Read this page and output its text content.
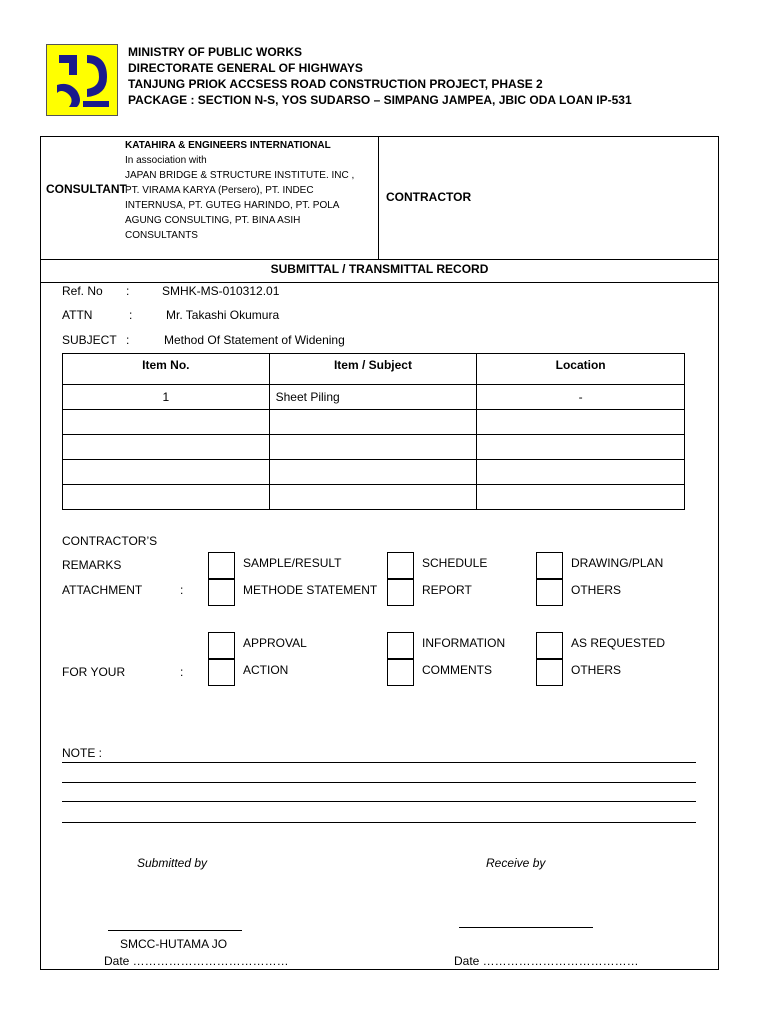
MINISTRY OF PUBLIC WORKS
DIRECTORATE GENERAL OF HIGHWAYS
TANJUNG PRIOK ACCSESS ROAD CONSTRUCTION PROJECT, PHASE 2
PACKAGE : SECTION N-S, YOS SUDARSO – SIMPANG JAMPEA, JBIC ODA LOAN IP-531
KATAHIRA & ENGINEERS INTERNATIONAL
In association with
JAPAN BRIDGE & STRUCTURE INSTITUTE. INC ,
CONSULTANT
PT. VIRAMA KARYA (Persero), PT. INDEC
INTERNUSA, PT. GUTEG HARINDO, PT. POLA
AGUNG CONSULTING, PT. BINA ASIH
CONSULTANTS
CONTRACTOR
SUBMITTAL / TRANSMITTAL RECORD
Ref. No :	SMHK-MS-010312.01
ATTN	:	Mr. Takashi Okumura
SUBJECT :	Method Of Statement of Widening
Item No.	Item / Subject	Location
1	Sheet Piling	-

CONTRACTOR’S
REMARKS
ATTACHMENT	:
SAMPLE/RESULT	SCHEDULE	DRAWING/PLAN
METHODE STATEMENT	REPORT	OTHERS
APPROVAL	INFORMATION	AS REQUESTED
FOR YOUR	:	ACTION	COMMENTS	OTHERS
NOTE :
Submitted by	Receive by
SMCC-HUTAMA JO
Date …………………………………	Date …………………………………
